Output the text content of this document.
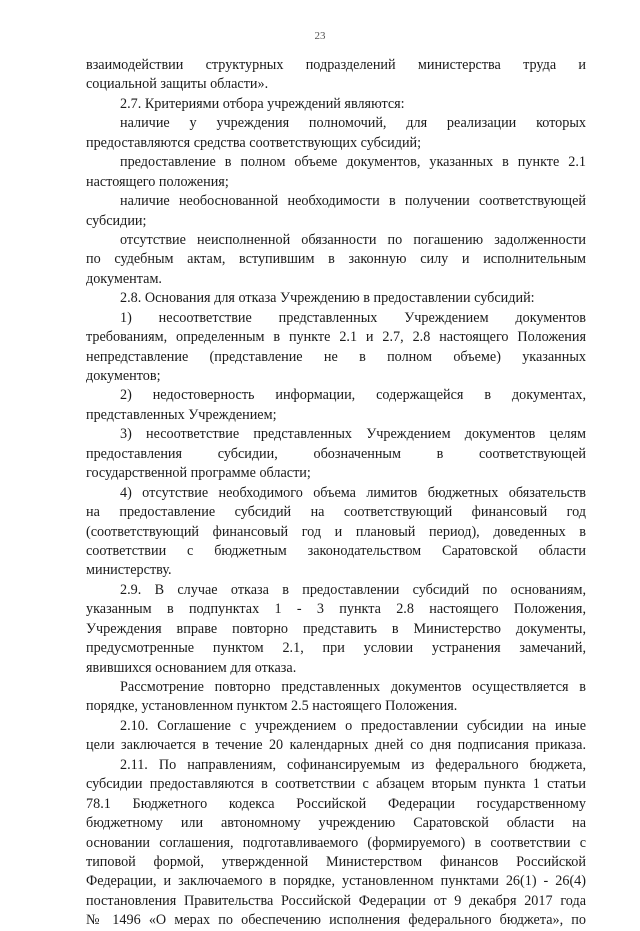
23
взаимодействии структурных подразделений министерства труда и
социальной защиты области».
2.7. Критериями отбора учреждений являются:
наличие у учреждения полномочий, для реализации которых
предоставляются средства соответствующих субсидий;
предоставление в полном объеме документов, указанных в пункте 2.1
настоящего положения;
наличие необоснованной необходимости в получении соответствующей
субсидии;
отсутствие неисполненной обязанности по погашению задолженности
по судебным актам, вступившим в законную силу и исполнительным
документам.
2.8. Основания для отказа Учреждению в предоставлении субсидий:
1) несоответствие представленных Учреждением документов
требованиям, определенным в пункте 2.1 и 2.7, 2.8 настоящего Положения
непредставление (представление не в полном объеме) указанных
документов;
2) недостоверность информации, содержащейся в документах,
представленных Учреждением;
3) несоответствие представленных Учреждением документов целям
предоставления субсидии, обозначенным в соответствующей
государственной программе области;
4) отсутствие необходимого объема лимитов бюджетных обязательств
на предоставление субсидий на соответствующий финансовый год
(соответствующий финансовый год и плановый период), доведенных в
соответствии с бюджетным законодательством Саратовской области
министерству.
2.9. В случае отказа в предоставлении субсидий по основаниям,
указанным в подпунктах 1 - 3 пункта 2.8 настоящего Положения,
Учреждения вправе повторно представить в Министерство документы,
предусмотренные пунктом 2.1, при условии устранения замечаний,
явившихся основанием для отказа.
Рассмотрение повторно представленных документов осуществляется в
порядке, установленном пунктом 2.5 настоящего Положения.
2.10. Соглашение с учреждением о предоставлении субсидии на иные
цели заключается в течение 20 календарных дней со дня подписания приказа.
2.11. По направлениям, софинансируемым из федерального бюджета,
субсидии предоставляются в соответствии с абзацем вторым пункта 1 статьи
78.1 Бюджетного кодекса Российской Федерации государственному
бюджетному или автономному учреждению Саратовской области на
основании соглашения, подготавливаемого (формируемого) в соответствии с
типовой формой, утвержденной Министерством финансов Российской
Федерации, и заключаемого в порядке, установленном пунктами 26(1) - 26(4)
постановления Правительства Российской Федерации от 9 декабря 2017 года
№ 1496 «О мерах по обеспечению исполнения федерального бюджета», по
